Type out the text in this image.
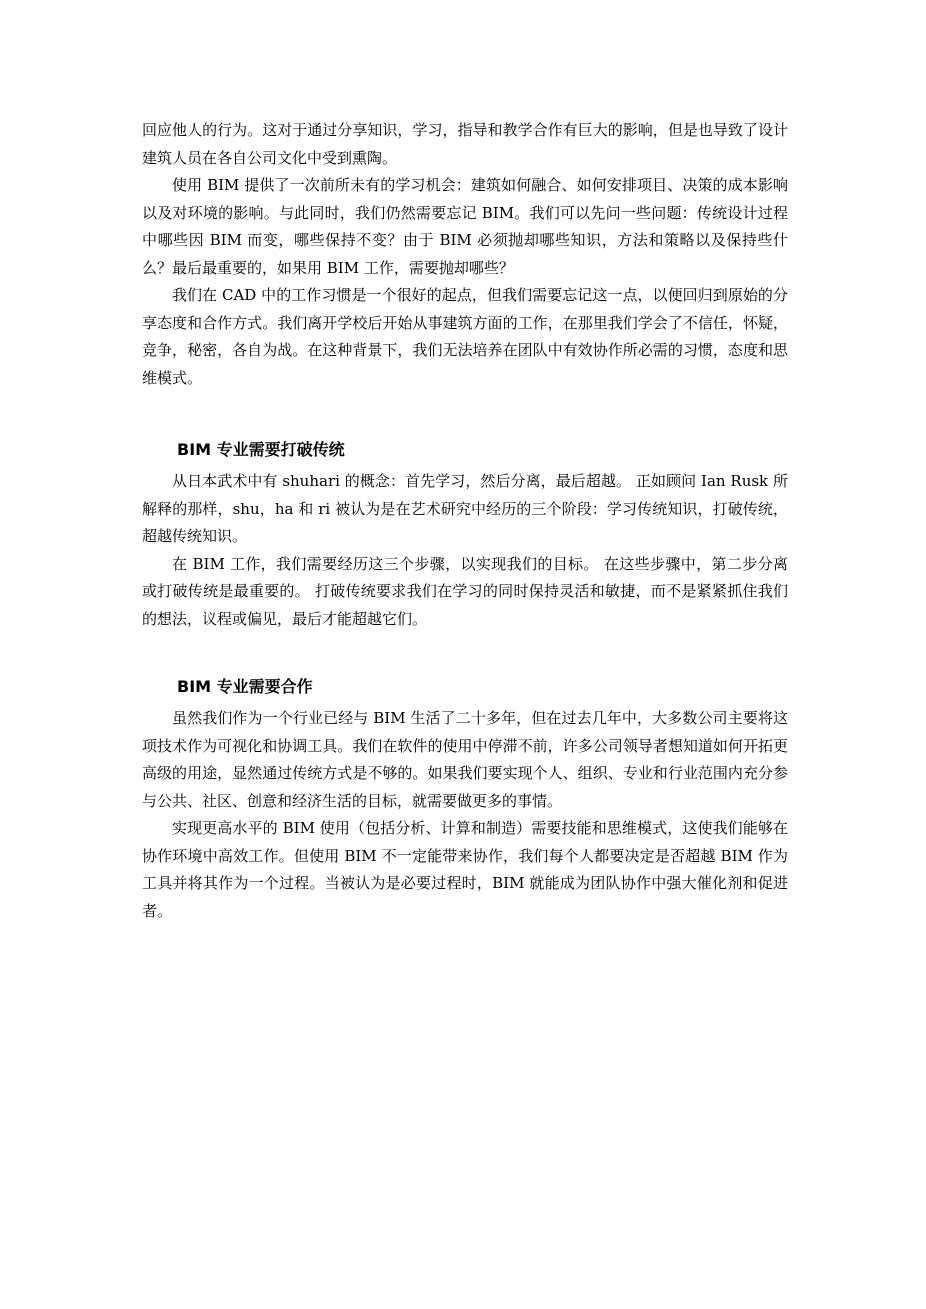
回应他人的行为。这对于通过分享知识，学习，指导和教学合作有巨大的影响，但是也导致了设计建筑人员在各自公司文化中受到熏陶。

使用 BIM 提供了一次前所未有的学习机会：建筑如何融合、如何安排项目、决策的成本影响以及对环境的影响。与此同时，我们仍然需要忘记 BIM。我们可以先问一些问题：传统设计过程中哪些因 BIM 而变，哪些保持不变？由于 BIM 必须抛却哪些知识，方法和策略以及保持些什么？最后最重要的，如果用 BIM 工作，需要抛却哪些？

我们在 CAD 中的工作习惯是一个很好的起点，但我们需要忘记这一点，以便回归到原始的分享态度和合作方式。我们离开学校后开始从事建筑方面的工作，在那里我们学会了不信任，怀疑，竞争，秘密，各自为战。在这种背景下，我们无法培养在团队中有效协作所必需的习惯，态度和思维模式。

BIM 专业需要打破传统

从日本武术中有 shuhari 的概念：首先学习，然后分离，最后超越。 正如顾问 Ian Rusk 所解释的那样，shu，ha 和 ri 被认为是在艺术研究中经历的三个阶段：学习传统知识，打破传统，超越传统知识。

在 BIM 工作，我们需要经历这三个步骤，以实现我们的目标。 在这些步骤中，第二步分离或打破传统是最重要的。 打破传统要求我们在学习的同时保持灵活和敏捷，而不是紧紧抓住我们的想法，议程或偏见，最后才能超越它们。

BIM 专业需要合作

虽然我们作为一个行业已经与 BIM 生活了二十多年，但在过去几年中，大多数公司主要将这项技术作为可视化和协调工具。我们在软件的使用中停滞不前，许多公司领导者想知道如何开拓更高级的用途，显然通过传统方式是不够的。如果我们要实现个人、组织、专业和行业范围内充分参与公共、社区、创意和经济生活的目标，就需要做更多的事情。

实现更高水平的 BIM 使用（包括分析、计算和制造）需要技能和思维模式，这使我们能够在协作环境中高效工作。但使用 BIM 不一定能带来协作，我们每个人都要决定是否超越 BIM 作为工具并将其作为一个过程。当被认为是必要过程时，BIM 就能成为团队协作中强大催化剂和促进者。
